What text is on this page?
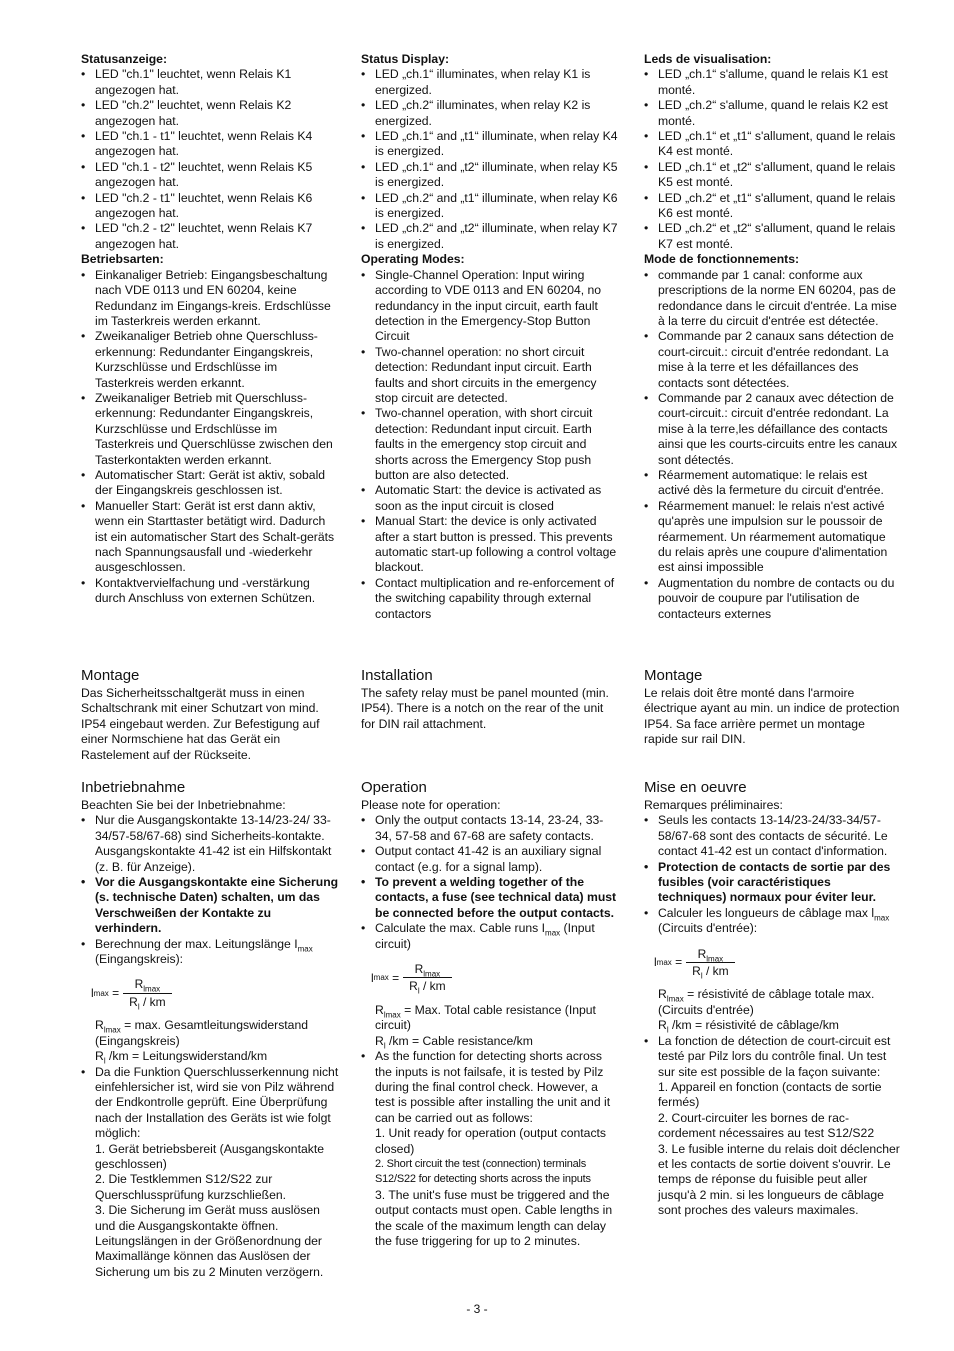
Statusanzeige:

• LED "ch.1" leuchtet, wenn Relais K1 angezogen hat.
• LED "ch.2" leuchtet, wenn Relais K2 angezogen hat.
• LED "ch.1 - t1" leuchtet, wenn Relais K4 angezogen hat.
• LED "ch.1 - t2" leuchtet, wenn Relais K5 angezogen hat.
• LED "ch.2 - t1" leuchtet, wenn Relais K6 angezogen hat.
• LED "ch.2 - t2" leuchtet, wenn Relais K7 angezogen hat.

Betriebsarten:

• Einkanaliger Betrieb: Eingangsbeschaltung nach VDE 0113 und EN 60204, keine Redundanz im Eingangs-kreis. Erdschlüsse im Tasterkreis werden erkannt.
• Zweikanaliger Betrieb ohne Querschluss-erkennung: Redundanter Eingangskreis, Kurzschlüsse und Erdschlüsse im Tasterkreis werden erkannt.
• Zweikanaliger Betrieb mit Querschluss-erkennung: Redundanter Eingangskreis, Kurzschlüsse und Erdschlüsse im Tasterkreis und Querschlüsse zwischen den Tasterkontakten werden erkannt.
• Automatischer Start: Gerät ist aktiv, sobald der Eingangskreis geschlossen ist.
• Manueller Start: Gerät ist erst dann aktiv, wenn ein Starttaster betätigt wird. Dadurch ist ein automatischer Start des Schalt-geräts nach Spannungsausfall und -wiederkehr ausgeschlossen.
• Kontaktvervielfachung und -verstärkung durch Anschluss von externen Schützen.
Montage

Das Sicherheitsschaltgerät muss in einen Schaltschrank mit einer Schutzart von mind. IP54 eingebaut werden. Zur Befestigung auf einer Normschiene hat das Gerät ein Rastelement auf der Rückseite.

Inbetriebnahme

Beachten Sie bei der Inbetriebnahme:

• Nur die Ausgangskontakte 13-14/23-24/ 33-34/57-58/67-68) sind Sicherheits-kontakte. Ausgangskontakte 41-42 ist ein Hilfskontakt (z. B. für Anzeige).
• Vor die Ausgangskontakte eine Sicherung (s. technische Daten) schalten, um das Verschweißen der Kontakte zu verhindern.
• Berechnung der max. Leitungslänge $I_{max}$ (Eingangskreis):
l max
= $\frac{R_{lmax}}{R_l / km}$

$R_{lmax} = \max$. Gesamtleitungswiderstand (Eingangskreis)

$R_l$ /km = Leitungswiderstand/km

• Da die Funktion Querschlusserkennung nicht einfehlersicher ist, wird sie von Pilz während der Endkontrolle geprüft. Eine Überprüfung nach der Installation des Geräts ist wie folgt möglich:
1. Gerät betriebsbereit (Ausgangskontakte geschlossen)
2. Die Testklemmen S12/S22 zur Querschlussprüfung kurzschließen.
3. Die Sicherung im Gerät muss auslösen und die Ausgangskontakte öffnen. Leitungslängen in der Größenordnung der Maximallänge können das Auslösen der Sicherung um bis zu 2 Minuten verzögern.

Status Display:

• LED „ch.1“ illuminates, when relay K1 is energized.
• LED „ch.2“ illuminates, when relay K2 is energized.
• LED „ch.1“ and „t1“ illuminate, when relay K4 is energized.
• LED „ch.1“ and „t2“ illuminate, when relay K5 is energized.
• LED „ch.2“ and „t1“ illuminate, when relay K6 is energized.
• LED „ch.2“ and „t2“ illuminate, when relay K7 is energized.

Operating Modes:

• Single-Channel Operation: Input wiring according to VDE 0113 and EN 60204, no redundancy in the input circuit, earth fault detection in the Emergency-Stop Button Circuit
• Two-channel operation: no short circuit detection: Redundant input circuit. Earth faults and short circuits in the emergency stop circuit are detected.
• Two-channel operation, with short circuit detection: Redundant input circuit. Earth faults in the emergency stop circuit and shorts across the Emergency Stop push button are also detected.
• Automatic Start: the device is activated as soon as the input circuit is closed
• Manual Start: the device is only activated after a start button is pressed. This prevents automatic start-up following a control voltage blackout.
• Contact multiplication and re-enforcement of the switching capability through external contactors
Installation

The safety relay must be panel mounted (min. IP54). There is a notch on the rear of the unit for DIN rail attachment.

Operation

Please note for operation:

• Only the output contacts 13-14, 23-24, 33-34, 57-58 and 67-68 are safety contacts.
• Output contact 41-42 is an auxiliary signal contact (e.g. for a signal lamp).
• To prevent a welding together of the contacts, a fuse (see technical data) must be connected before the output contacts.
• Calculate the max. Cable runs $I_{max}$ (Input circuit)
l max
= $\frac{R_{lmax}}{R_l / km}$

$R_{lmax}$ = Max. Total cable resistance (Input circuit)

$R_l$ /km = Cable resistance/km

• As the function for detecting shorts across the inputs is not failsafe, it is tested by Pilz during the final control check. However, a test is possible after installing the unit and it can be carried out as follows:
1. Unit ready for operation (output contacts closed)
2. Short circuit the test (connection) terminals S12/S22 for detecting shorts across the inputs
3. The unit's fuse must be triggered and the output contacts must open. Cable lengths in the scale of the maximum length can delay the fuse triggering for up to 2 minutes.

Leds de visualisation:

• LED „ch.1“ s'allume, quand le relais K1 est monté.
• LED „ch.2“ s'allume, quand le relais K2 est monté.
• LED „ch.1“ et „t1“ s'allument, quand le relais K4 est monté.
• LED „ch.1“ et „t2“ s'allument, quand le relais K5 est monté.
• LED „ch.2“ et „t1“ s'allument, quand le relais K6 est monté.
• LED „ch.2“ et „t2“ s'allument, quand le relais K7 est monté.

Mode de fonctionnements:

• commande par 1 canal: conforme aux prescriptions de la norme EN 60204, pas de redondance dans le circuit d'entrée. La mise à la terre du circuit d'entrée est détectée.
• Commande par 2 canaux sans détection de court-circuit.: circuit d'entrée redondant. La mise à la terre et les défaillances des contacts sont détectées.
• Commande par 2 canaux avec détection de court-circuit.: circuit d'entrée redondant. La mise à la terre,les défaillance des contacts ainsi que les courts-circuits entre les canaux sont détectés.
• Réarmement automatique: le relais est activé dès la fermeture du circuit d'entrée.
• Réarmement manuel: le relais n'est activé qu'après une impulsion sur le poussoir de réarmement. Un réarmement automatique du relais après une coupure d'alimentation est ainsi impossible
• Augmentation du nombre de contacts ou du pouvoir de coupure par l'utilisation de contacteurs externes
Montage

Le relais doit être monté dans l'armoire électrique ayant au min. un indice de protection IP54. Sa face arrière permet un montage rapide sur rail DIN.

Mise en oeuvre

Remarques préliminaires:

• Seuls les contacts 13-14/23-24/33-34/57-58/67-68 sont des contacts de sécurité. Le contact 41-42 est un contact d'information.
• Protection de contacts de sortie par des fusibles (voir caractéristiques techniques) normaux pour éviter leur.
• Calculer les longueurs de câblage $\max l_{max}$ (Circuits d'entrée):
l max
= $\frac{R_{lmax}}{R_l / km}$

$R_{lmax}$ = résistivité de câblage totale max. (Circuits d'entrée)

$R_l$ /km = résistivité de câblage/km

• La fonction de détection de court-circuit est testé par Pilz lors du contrôle final. Un test sur site est possible de la façon suivante:
1. Appareil en fonction (contacts de sortie fermés)
2. Court-circuiter les bornes de rac-cordement nécessaires au test S12/S22
3. Le fusible interne du relais doit déclencher et les contacts de sortie doivent s'ouvrir. Le temps de réponse du fuisible peut aller jusqu'à 2 min. si les longueurs de câblage sont proches des valeurs maximales.
- 3 -
